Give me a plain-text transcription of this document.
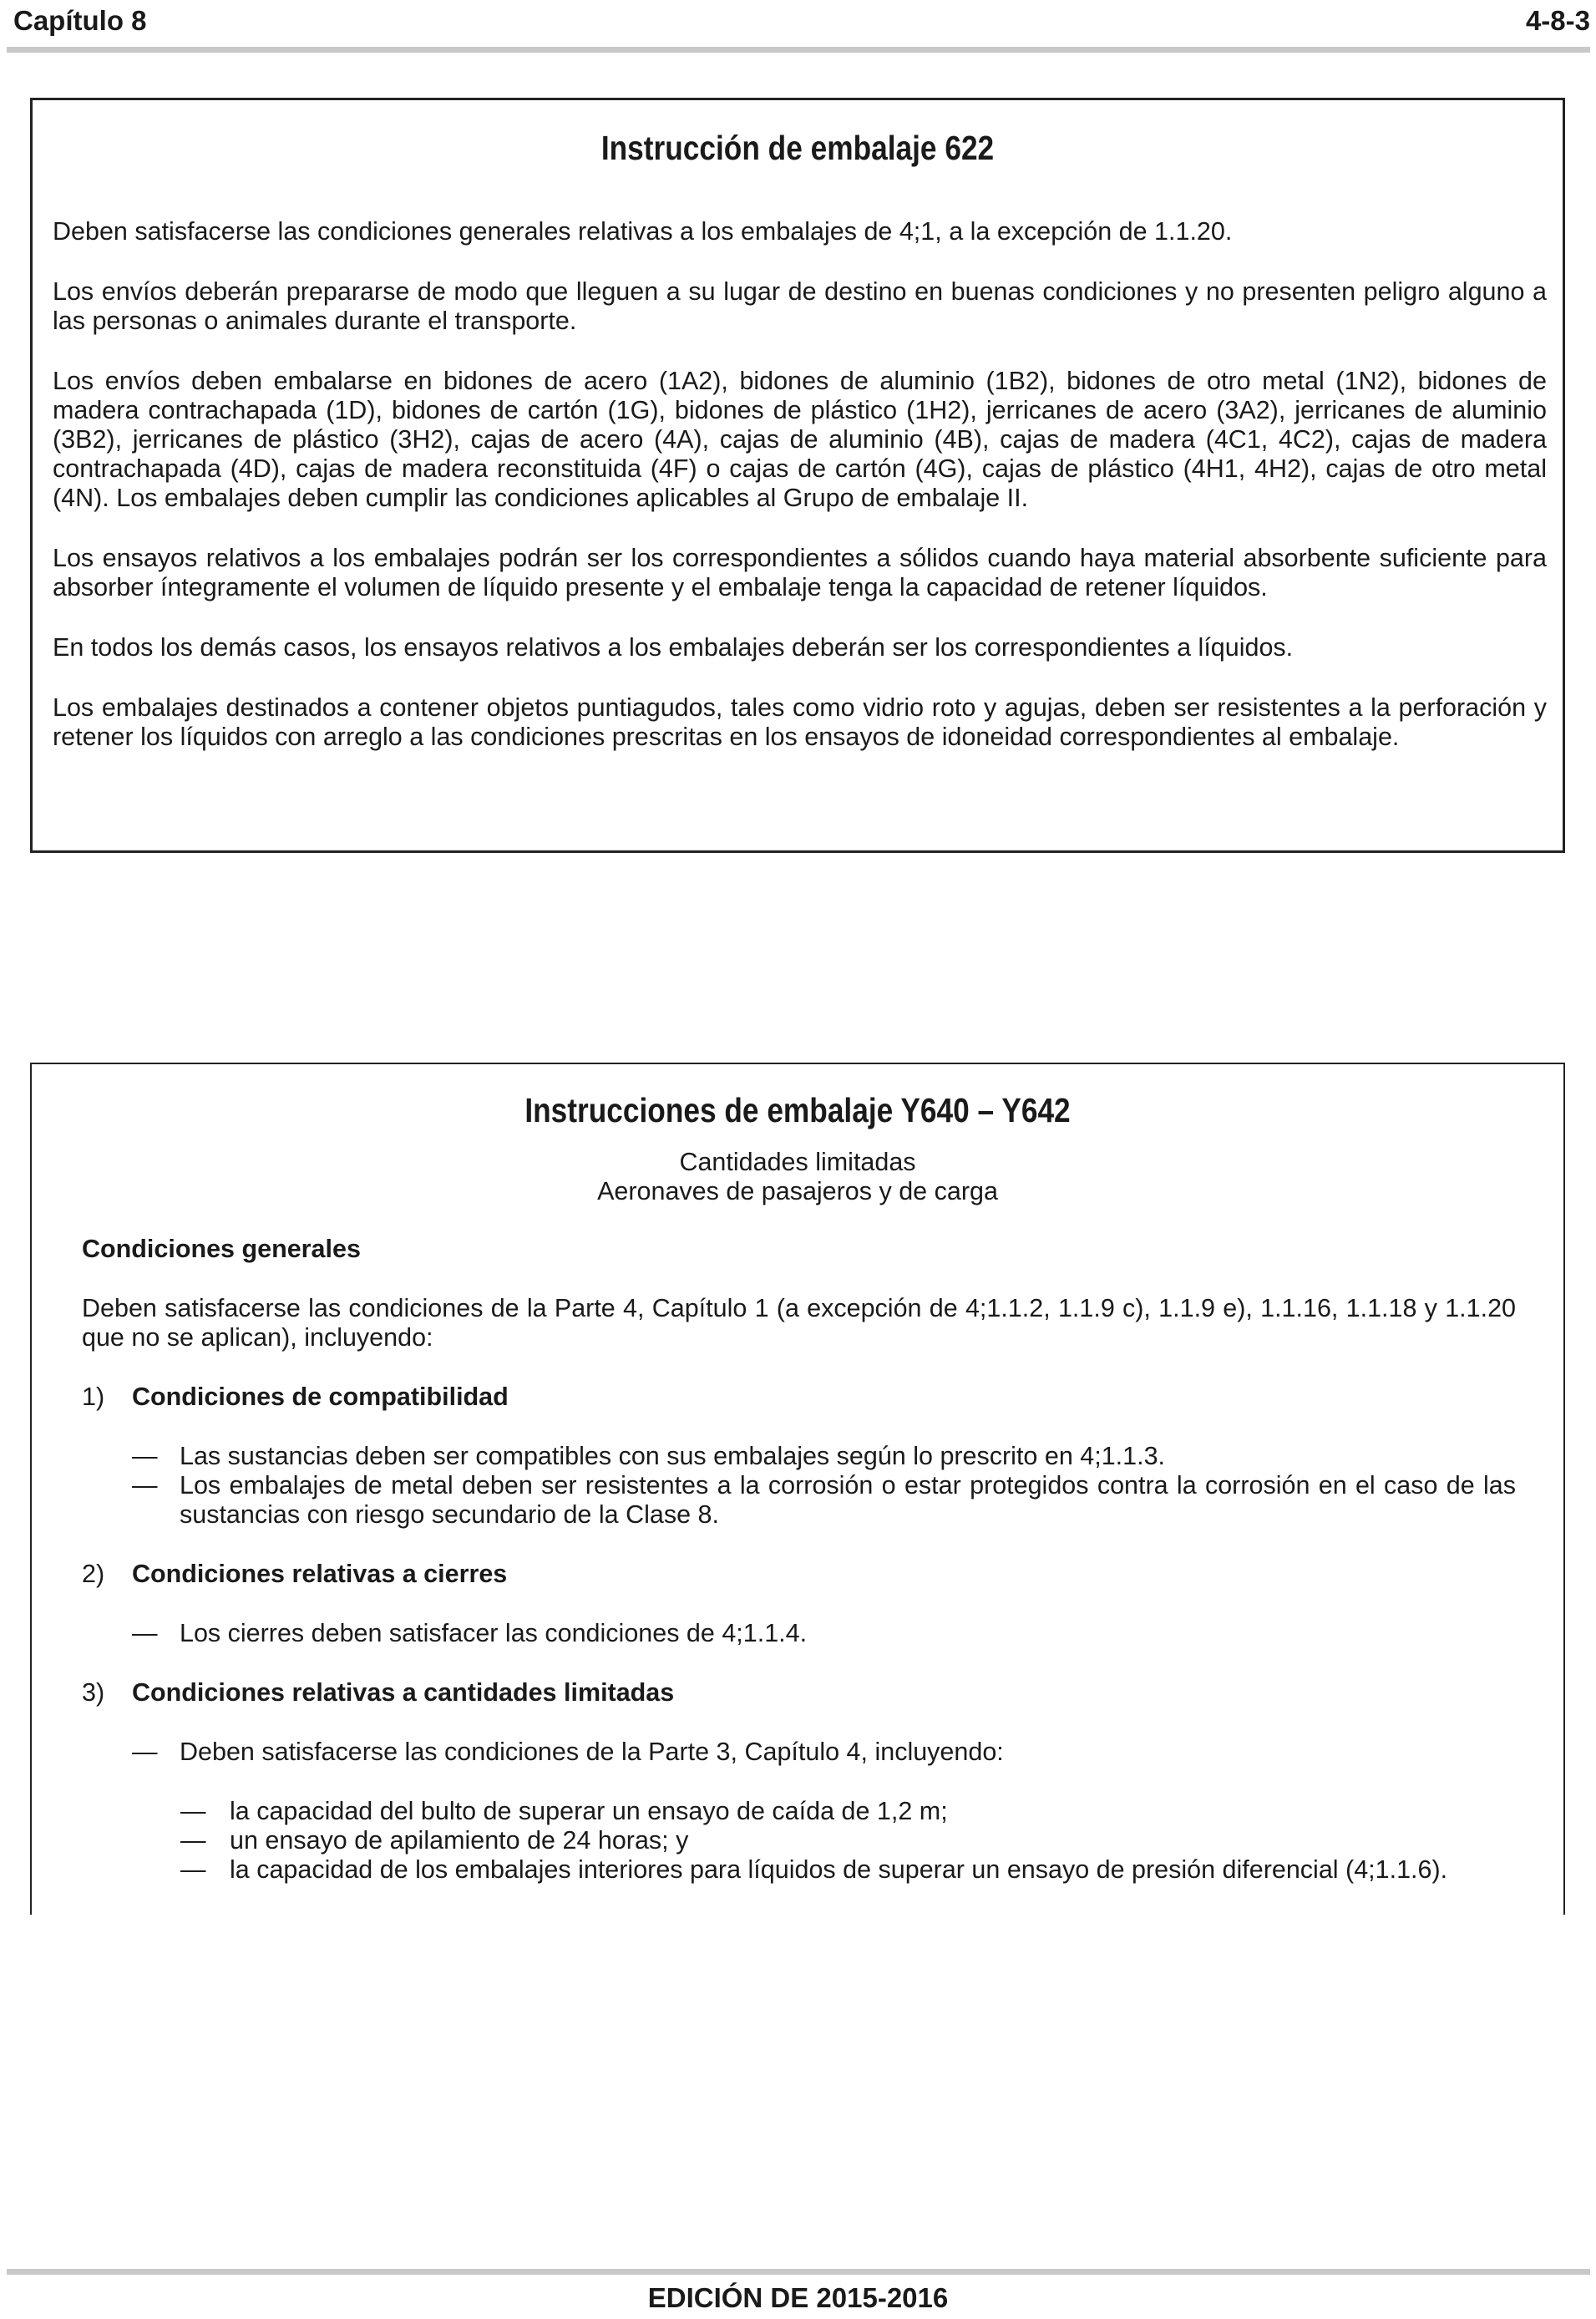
Capítulo 8	4-8-3
Instrucción de embalaje 622

Deben satisfacerse las condiciones generales relativas a los embalajes de 4;1, a la excepción de 1.1.20.

Los envíos deberán prepararse de modo que lleguen a su lugar de destino en buenas condiciones y no presenten peligro alguno a las personas o animales durante el transporte.

Los envíos deben embalarse en bidones de acero (1A2), bidones de aluminio (1B2), bidones de otro metal (1N2), bidones de madera contrachapada (1D), bidones de cartón (1G), bidones de plástico (1H2), jerricanes de acero (3A2), jerricanes de aluminio (3B2), jerricanes de plástico (3H2), cajas de acero (4A), cajas de aluminio (4B), cajas de madera (4C1, 4C2), cajas de madera contrachapada (4D), cajas de madera reconstituida (4F) o cajas de cartón (4G), cajas de plástico (4H1, 4H2), cajas de otro metal (4N). Los embalajes deben cumplir las condiciones aplicables al Grupo de embalaje II.

Los ensayos relativos a los embalajes podrán ser los correspondientes a sólidos cuando haya material absorbente suficiente para absorber íntegramente el volumen de líquido presente y el embalaje tenga la capacidad de retener líquidos.

En todos los demás casos, los ensayos relativos a los embalajes deberán ser los correspondientes a líquidos.

Los embalajes destinados a contener objetos puntiagudos, tales como vidrio roto y agujas, deben ser resistentes a la perforación y retener los líquidos con arreglo a las condiciones prescritas en los ensayos de idoneidad correspondientes al embalaje.

Instrucciones de embalaje Y640 – Y642
Cantidades limitadas
Aeronaves de pasajeros y de carga

Condiciones generales

Deben satisfacerse las condiciones de la Parte 4, Capítulo 1 (a excepción de 4;1.1.2, 1.1.9 c), 1.1.9 e), 1.1.16, 1.1.18 y 1.1.20 que no se aplican), incluyendo:

1) Condiciones de compatibilidad

— Las sustancias deben ser compatibles con sus embalajes según lo prescrito en 4;1.1.3.

— Los embalajes de metal deben ser resistentes a la corrosión o estar protegidos contra la corrosión en el caso de las sustancias con riesgo secundario de la Clase 8.

2) Condiciones relativas a cierres

— Los cierres deben satisfacer las condiciones de 4;1.1.4.

3) Condiciones relativas a cantidades limitadas

— Deben satisfacerse las condiciones de la Parte 3, Capítulo 4, incluyendo:

— la capacidad del bulto de superar un ensayo de caída de 1,2 m;

— un ensayo de apilamiento de 24 horas; y

— la capacidad de los embalajes interiores para líquidos de superar un ensayo de presión diferencial (4;1.1.6).

EDICIÓN DE 2015-2016
